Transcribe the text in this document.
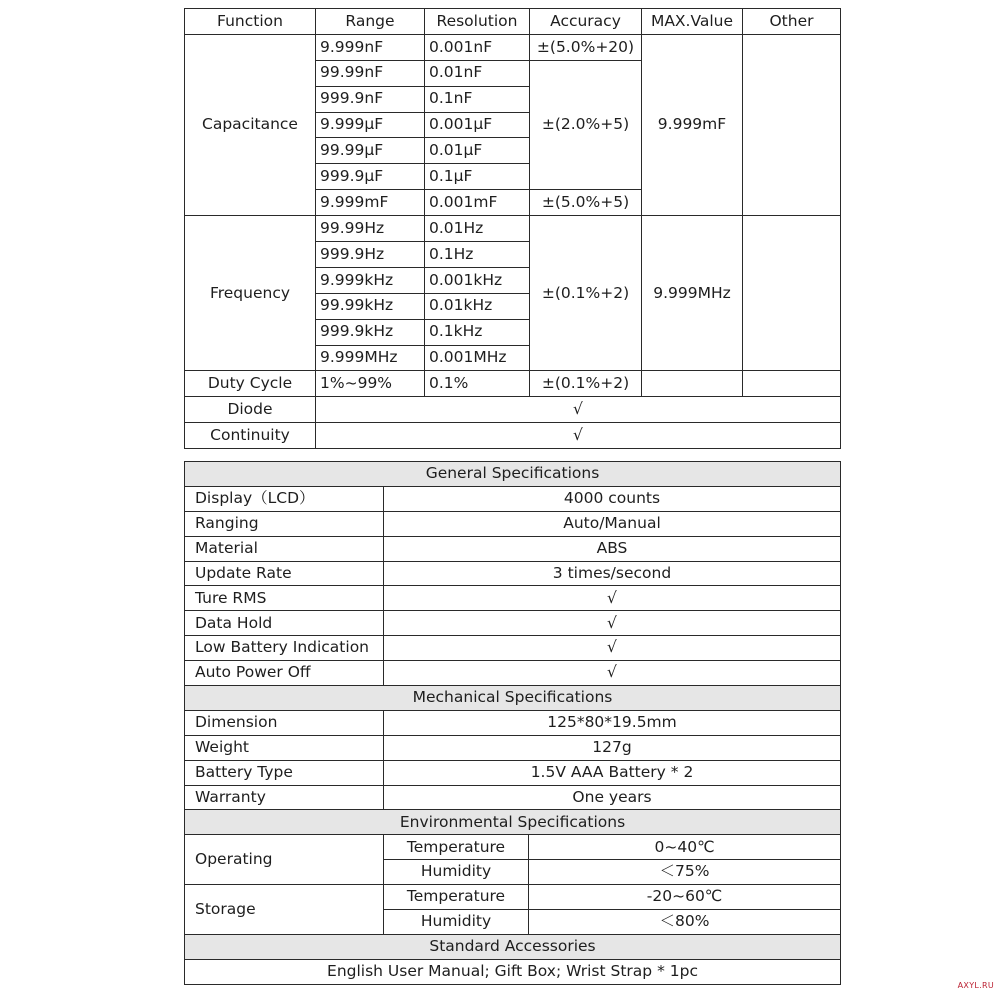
Function	Range	Resolution	Accuracy	MAX.Value	Other
Capacitance	9.999nF	0.001nF	±(5.0%+20)	9.999mF	
	99.99nF	0.01nF	±(2.0%+5)		
	999.9nF	0.1nF			
	9.999μF	0.001μF			
	99.99μF	0.01μF			
	999.9μF	0.1μF			
	9.999mF	0.001mF	±(5.0%+5)		
Frequency	99.99Hz	0.01Hz	±(0.1%+2)	9.999MHz	
	999.9Hz	0.1Hz			
	9.999kHz	0.001kHz			
	99.99kHz	0.01kHz			
	999.9kHz	0.1kHz			
	9.999MHz	0.001MHz			
Duty Cycle	1%~99%	0.1%	±(0.1%+2)		
Diode	√				
Continuity	√				
General Specifications		
Display（LCD）	4000 counts	
Ranging	Auto/Manual	
Material	ABS	
Update Rate	3 times/second	
Ture RMS	√	
Data Hold	√	
Low Battery Indication	√	
Auto Power Off	√	
Mechanical Specifications		
Dimension	125*80*19.5mm	
Weight	127g	
Battery Type	1.5V AAA Battery * 2	
Warranty	One years	
Environmental Specifications		
Operating	Temperature	0~40℃
	Humidity	＜75%
Storage	Temperature	-20~60℃
	Humidity	＜80%
Standard Accessories		
English User Manual; Gift Box; Wrist Strap * 1pc		
AXYL.RU
